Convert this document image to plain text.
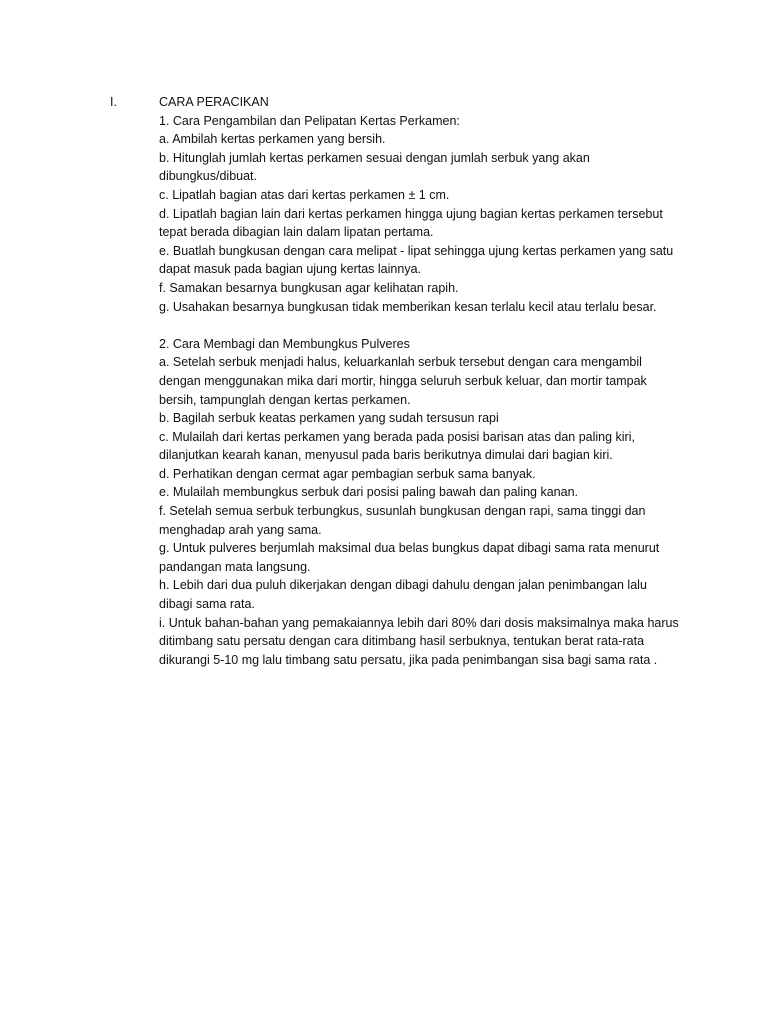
I.	CARA PERACIKAN

1. Cara Pengambilan dan Pelipatan Kertas Perkamen:

a. Ambilah kertas perkamen yang bersih.

b. Hitunglah jumlah kertas perkamen sesuai dengan jumlah serbuk yang akan dibungkus/dibuat.

c. Lipatlah bagian atas dari kertas perkamen ± 1 cm.

d. Lipatlah bagian lain dari kertas perkamen hingga ujung bagian kertas perkamen tersebut tepat berada dibagian lain dalam lipatan pertama.

e. Buatlah bungkusan dengan cara melipat - lipat sehingga ujung kertas perkamen yang satu dapat masuk pada bagian ujung kertas lainnya.

f. Samakan besarnya bungkusan agar kelihatan rapih.

g. Usahakan besarnya bungkusan tidak memberikan kesan terlalu kecil atau terlalu besar.

2. Cara Membagi dan Membungkus Pulveres

a. Setelah serbuk menjadi halus, keluarkanlah serbuk tersebut dengan cara mengambil dengan menggunakan mika dari mortir, hingga seluruh serbuk keluar, dan mortir tampak bersih, tampunglah dengan kertas perkamen.

b. Bagilah serbuk keatas perkamen yang sudah tersusun rapi

c. Mulailah dari kertas perkamen yang berada pada posisi barisan atas dan paling kiri, dilanjutkan kearah kanan, menyusul pada baris berikutnya dimulai dari bagian kiri.

d. Perhatikan dengan cermat agar pembagian serbuk sama banyak.

e. Mulailah membungkus serbuk dari posisi paling bawah dan paling kanan.

f. Setelah semua serbuk terbungkus, susunlah bungkusan dengan rapi, sama tinggi dan menghadap arah yang sama.

g. Untuk pulveres berjumlah maksimal dua belas bungkus dapat dibagi sama rata menurut pandangan mata langsung.

h. Lebih dari dua puluh dikerjakan dengan dibagi dahulu dengan jalan penimbangan lalu dibagi sama rata.

i. Untuk bahan-bahan yang pemakaiannya lebih dari 80% dari dosis maksimalnya maka harus ditimbang satu persatu dengan cara ditimbang hasil serbuknya, tentukan berat rata-rata dikurangi 5-10 mg lalu timbang satu persatu, jika pada penimbangan sisa bagi sama rata .
